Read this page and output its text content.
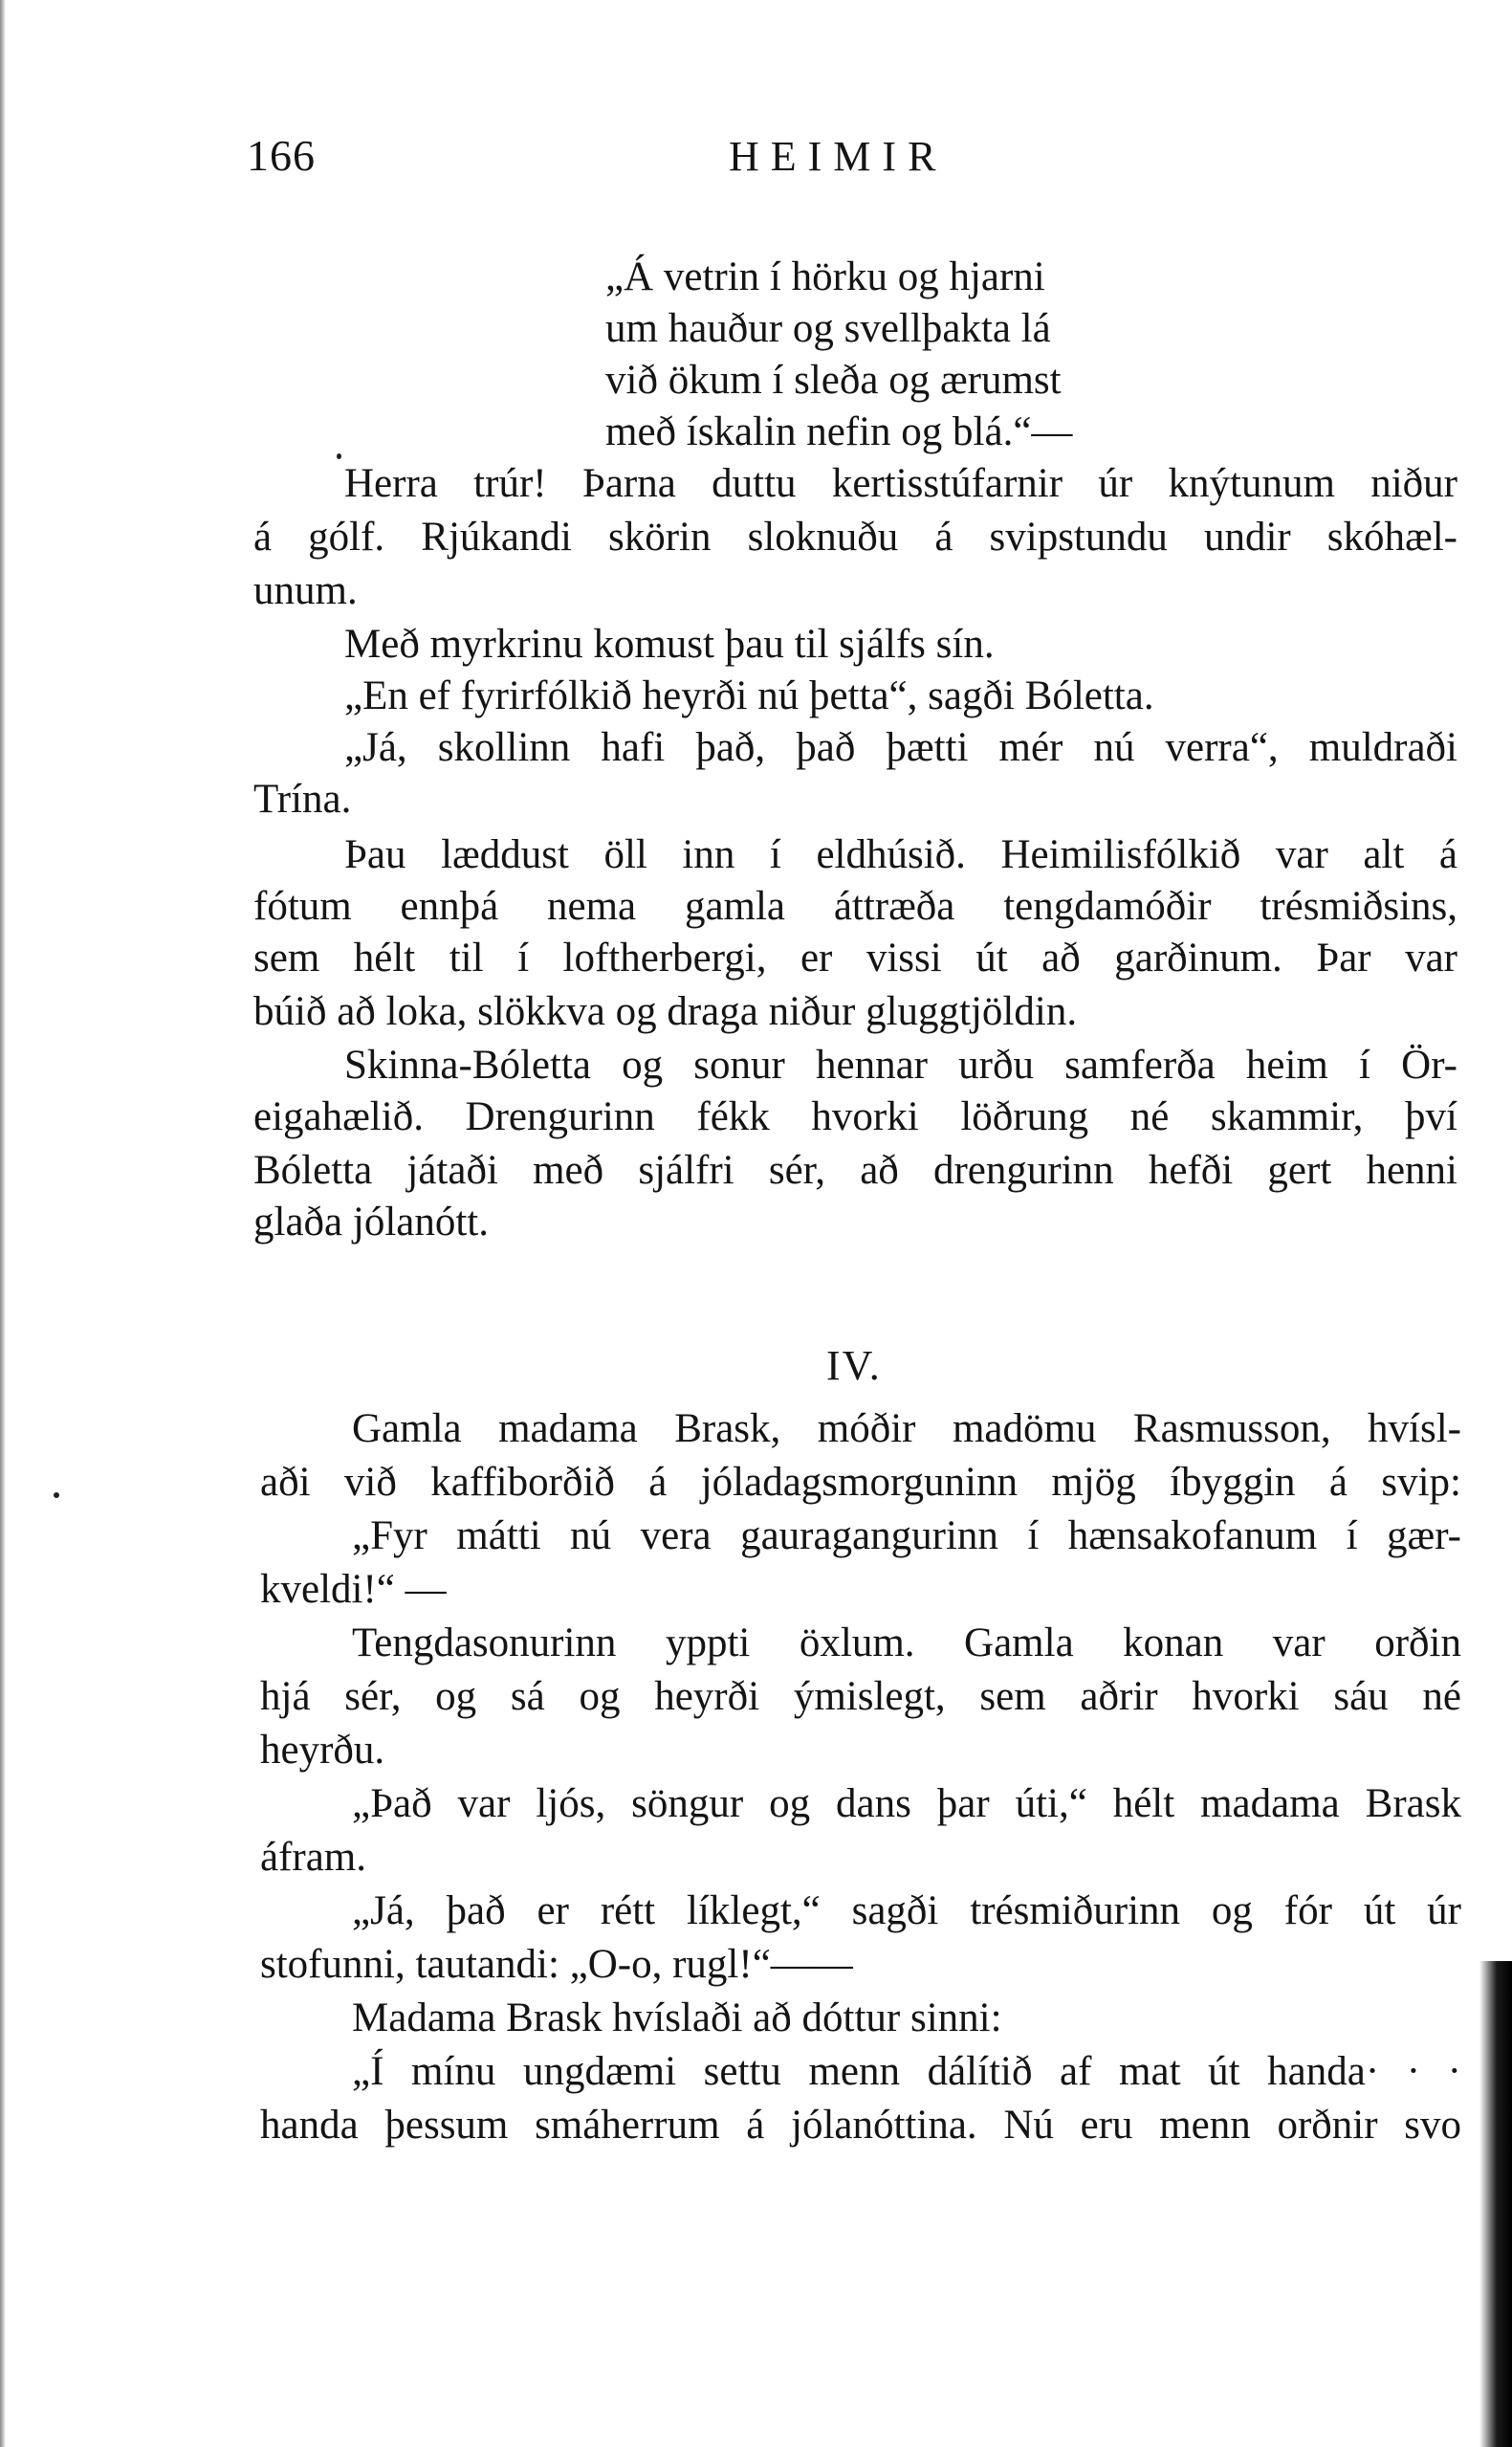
166	HEIMIR
„Á vetrin í hörku og hjarni
um hauður og svellþakta lá
við ökum í sleða og ærumst
með ískalin nefin og blá.“—
Herra trúr! Þarna duttu kertisstúfarnir úr knýtunum niður
á gólf. Rjúkandi skörin sloknuðu á svipstundu undir skóhæl-
unum.
Með myrkrinu komust þau til sjálfs sín.
„En ef fyrirfólkið heyrði nú þetta“, sagði Bóletta.
„Já, skollinn hafi það, það þætti mér nú verra“, muldraði
Trína.
Þau læddust öll inn í eldhúsið. Heimilisfólkið var alt á
fótum ennþá nema gamla áttræða tengdamóðir trésmiðsins,
sem hélt til í loftherbergi, er vissi út að garðinum. Þar var
búið að loka, slökkva og draga niður gluggtjöldin.
Skinna-Bóletta og sonur hennar urðu samferða heim í Ör-
eigahælið. Drengurinn fékk hvorki löðrung né skammir, því
Bóletta játaði með sjálfri sér, að drengurinn hefði gert henni
glaða jólanótt.
IV.
Gamla madama Brask, móðir madömu Rasmusson, hvísl-
aði við kaffiborðið á jóladagsmorguninn mjög íbyggin á svip:
„Fyr mátti nú vera gauragangurinn í hænsakofanum í gær-
kveldi!“ —
Tengdasonurinn yppti öxlum. Gamla konan var orðin
hjá sér, og sá og heyrði ýmislegt, sem aðrir hvorki sáu né
heyrðu.
„Það var ljós, söngur og dans þar úti,“ hélt madama Brask
áfram.
„Já, það er rétt líklegt,“ sagði trésmiðurinn og fór út úr
stofunni, tautandi: „O-o, rugl!“——
Madama Brask hvíslaði að dóttur sinni:
„Í mínu ungdæmi settu menn dálítið af mat út handa· · ·
handa þessum smáherrum á jólanóttina. Nú eru menn orðnir svo
